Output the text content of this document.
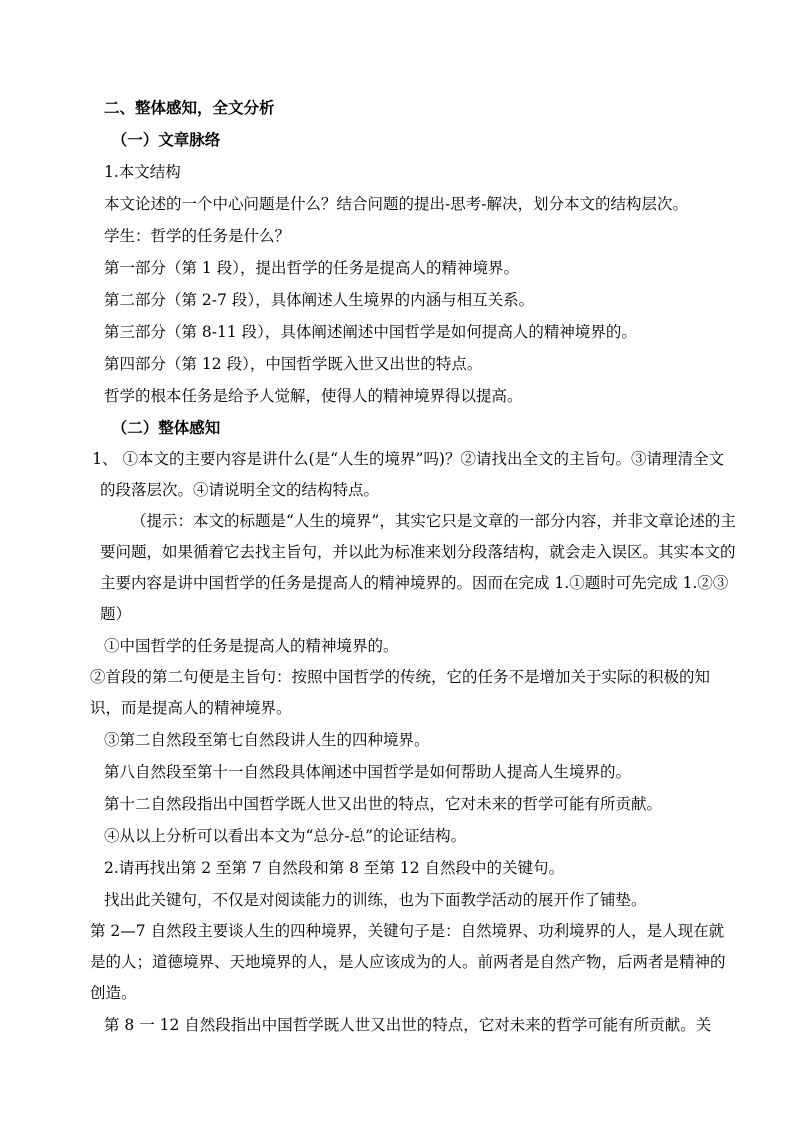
二、整体感知，全文分析
（一）文章脉络
1.本文结构
本文论述的一个中心问题是什么？结合问题的提出-思考-解决，划分本文的结构层次。
学生：哲学的任务是什么？
第一部分（第 1 段），提出哲学的任务是提高人的精神境界。
第二部分（第 2-7 段），具体阐述人生境界的内涵与相互关系。
第三部分（第 8-11 段），具体阐述阐述中国哲学是如何提高人的精神境界的。
第四部分（第 12 段），中国哲学既入世又出世的特点。
哲学的根本任务是给予人觉解，使得人的精神境界得以提高。
（二）整体感知
1、 ①本文的主要内容是讲什么(是“人生的境界”吗)？②请找出全文的主旨句。③请理清全文的段落层次。④请说明全文的结构特点。
（提示：本文的标题是“人生的境界”，其实它只是文章的一部分内容，并非文章论述的主要问题，如果循着它去找主旨句，并以此为标准来划分段落结构，就会走入误区。其实本文的主要内容是讲中国哲学的任务是提高人的精神境界的。因而在完成 1.①题时可先完成 1.②③题）
①中国哲学的任务是提高人的精神境界的。
②首段的第二句便是主旨句：按照中国哲学的传统，它的任务不是增加关于实际的积极的知识，而是提高人的精神境界。
③第二自然段至第七自然段讲人生的四种境界。
第八自然段至第十一自然段具体阐述中国哲学是如何帮助人提高人生境界的。
第十二自然段指出中国哲学既人世又出世的特点，它对未来的哲学可能有所贡献。
④从以上分析可以看出本文为“总分-总”的论证结构。
2.请再找出第 2 至第 7 自然段和第 8 至第 12 自然段中的关键句。
找出此关键句，不仅是对阅读能力的训练，也为下面教学活动的展开作了铺垫。
第 2—7 自然段主要谈人生的四种境界，关键句子是：自然境界、功利境界的人，是人现在就是的人；道德境界、天地境界的人，是人应该成为的人。前两者是自然产物，后两者是精神的创造。
第 8 一 12 自然段指出中国哲学既人世又出世的特点，它对未来的哲学可能有所贡献。关
